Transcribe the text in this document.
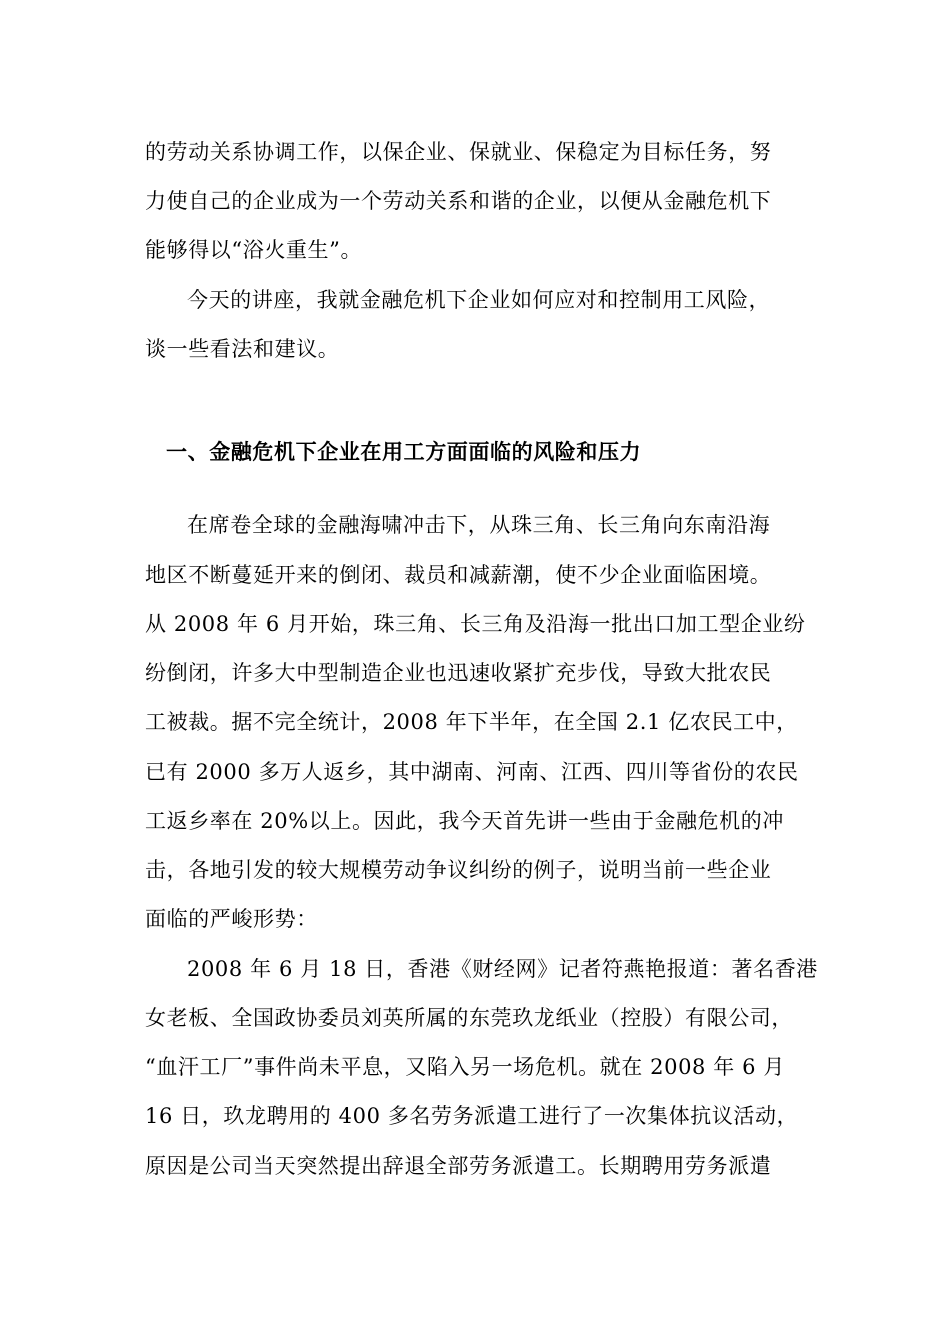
的劳动关系协调工作，以保企业、保就业、保稳定为目标任务，努
力使自己的企业成为一个劳动关系和谐的企业，以便从金融危机下
能够得以“浴火重生”。
今天的讲座，我就金融危机下企业如何应对和控制用工风险，
谈一些看法和建议。
一、金融危机下企业在用工方面面临的风险和压力
在席卷全球的金融海啸冲击下，从珠三角、长三角向东南沿海
地区不断蔓延开来的倒闭、裁员和减薪潮，使不少企业面临困境。
从 2008 年 6 月开始，珠三角、长三角及沿海一批出口加工型企业纷
纷倒闭，许多大中型制造企业也迅速收紧扩充步伐，导致大批农民
工被裁。据不完全统计，2008 年下半年，在全国 2.1 亿农民工中，
已有 2000 多万人返乡，其中湖南、河南、江西、四川等省份的农民
工返乡率在 20%以上。因此，我今天首先讲一些由于金融危机的冲
击，各地引发的较大规模劳动争议纠纷的例子，说明当前一些企业
面临的严峻形势：
2008 年 6 月 18 日，香港《财经网》记者符燕艳报道：著名香港
女老板、全国政协委员刘英所属的东莞玖龙纸业（控股）有限公司，
“血汗工厂”事件尚未平息，又陷入另一场危机。就在 2008 年 6 月
16 日，玖龙聘用的 400 多名劳务派遣工进行了一次集体抗议活动，
原因是公司当天突然提出辞退全部劳务派遣工。长期聘用劳务派遣
